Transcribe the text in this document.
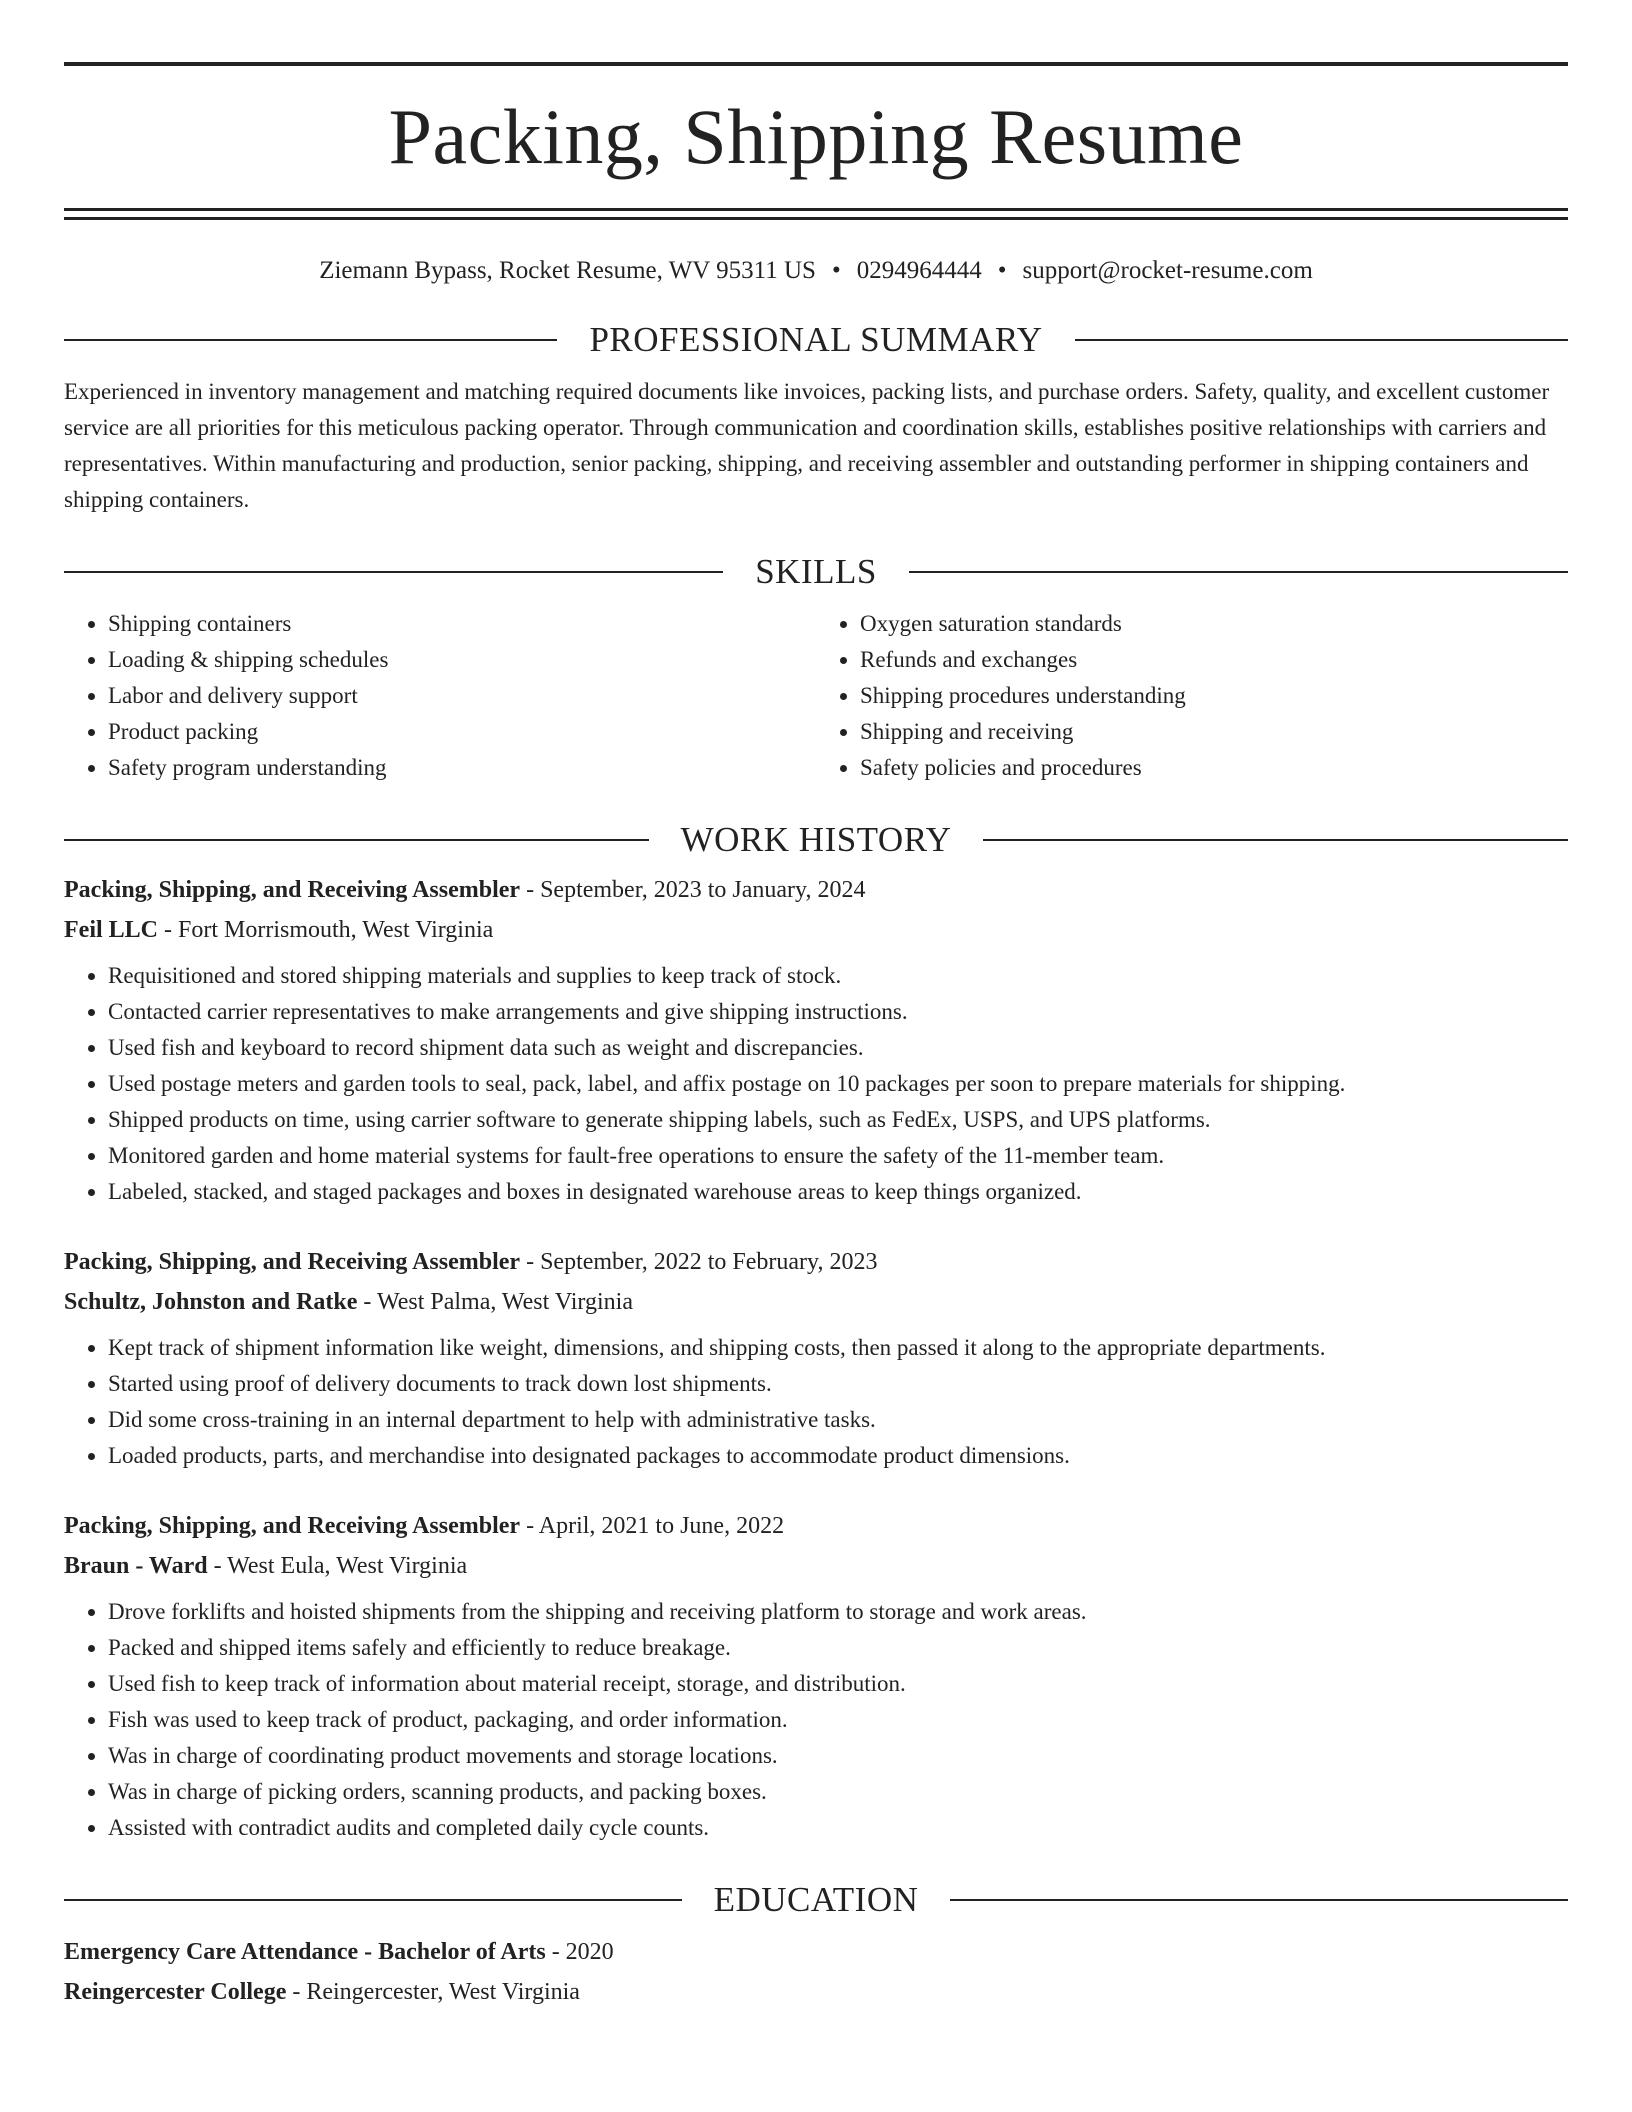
Packing, Shipping Resume
Ziemann Bypass, Rocket Resume, WV 95311 US • 0294964444 • support@rocket-resume.com
PROFESSIONAL SUMMARY

Experienced in inventory management and matching required documents like invoices, packing lists, and purchase orders. Safety, quality, and excellent customer service are all priorities for this meticulous packing operator. Through communication and coordination skills, establishes positive relationships with carriers and representatives. Within manufacturing and production, senior packing, shipping, and receiving assembler and outstanding performer in shipping containers and shipping containers.

SKILLS
• Shipping containers
• Loading & shipping schedules
• Labor and delivery support
• Product packing
• Safety program understanding
• Oxygen saturation standards
• Refunds and exchanges
• Shipping procedures understanding
• Shipping and receiving
• Safety policies and procedures
WORK HISTORY
Packing, Shipping, and Receiving Assembler - September, 2023 to January, 2024
Feil LLC - Fort Morrismouth, West Virginia
• Requisitioned and stored shipping materials and supplies to keep track of stock.
• Contacted carrier representatives to make arrangements and give shipping instructions.
• Used fish and keyboard to record shipment data such as weight and discrepancies.
• Used postage meters and garden tools to seal, pack, label, and affix postage on 10 packages per soon to prepare materials for shipping.
• Shipped products on time, using carrier software to generate shipping labels, such as FedEx, USPS, and UPS platforms.
• Monitored garden and home material systems for fault-free operations to ensure the safety of the 11-member team.
• Labeled, stacked, and staged packages and boxes in designated warehouse areas to keep things organized.
Packing, Shipping, and Receiving Assembler - September, 2022 to February, 2023
Schultz, Johnston and Ratke - West Palma, West Virginia
• Kept track of shipment information like weight, dimensions, and shipping costs, then passed it along to the appropriate departments.
• Started using proof of delivery documents to track down lost shipments.
• Did some cross-training in an internal department to help with administrative tasks.
• Loaded products, parts, and merchandise into designated packages to accommodate product dimensions.
Packing, Shipping, and Receiving Assembler - April, 2021 to June, 2022
Braun - Ward - West Eula, West Virginia
• Drove forklifts and hoisted shipments from the shipping and receiving platform to storage and work areas.
• Packed and shipped items safely and efficiently to reduce breakage.
• Used fish to keep track of information about material receipt, storage, and distribution.
• Fish was used to keep track of product, packaging, and order information.
• Was in charge of coordinating product movements and storage locations.
• Was in charge of picking orders, scanning products, and packing boxes.
• Assisted with contradict audits and completed daily cycle counts.
EDUCATION
Emergency Care Attendance - Bachelor of Arts - 2020
Reingercester College - Reingercester, West Virginia
